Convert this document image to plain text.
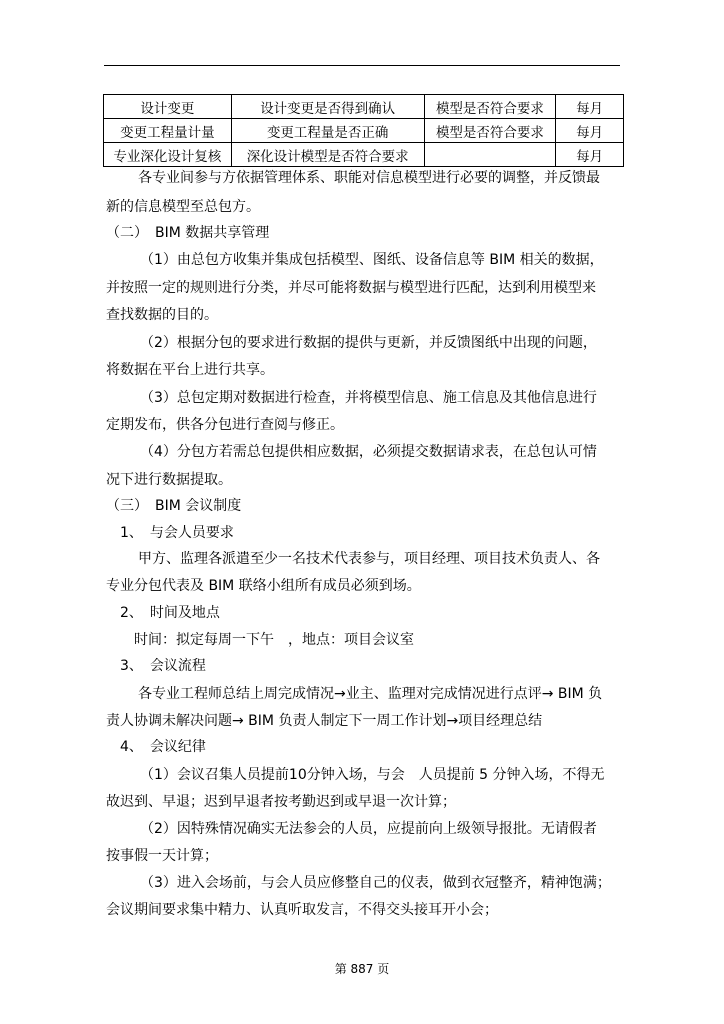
设计变更	设计变更是否得到确认	模型是否符合要求	每月
变更工程量计量	变更工程量是否正确	模型是否符合要求	每月
专业深化设计复核	深化设计模型是否符合要求		每月
各专业间参与方依据管理体系、职能对信息模型进行必要的调整，并反馈最
新的信息模型至总包方。
（二）　BIM 数据共享管理
（1）由总包方收集并集成包括模型、图纸、设备信息等 BIM 相关的数据，
并按照一定的规则进行分类，并尽可能将数据与模型进行匹配，达到利用模型来
查找数据的目的。
（2）根据分包的要求进行数据的提供与更新，并反馈图纸中出现的问题，
将数据在平台上进行共享。
（3）总包定期对数据进行检查，并将模型信息、施工信息及其他信息进行
定期发布，供各分包进行查阅与修正。
（4）分包方若需总包提供相应数据，必须提交数据请求表，在总包认可情
况下进行数据提取。
（三）　BIM 会议制度
1、　与会人员要求
甲方、监理各派遣至少一名技术代表参与，项目经理、项目技术负责人、各
专业分包代表及 BIM 联络小组所有成员必须到场。
2、　时间及地点
时间：拟定每周一下午　，地点：项目会议室
3、　会议流程
各专业工程师总结上周完成情况→业主、监理对完成情况进行点评→ BIM 负
责人协调未解决问题→ BIM 负责人制定下一周工作计划→项目经理总结
4、　会议纪律
（1）会议召集人员提前10分钟入场，与会　人员提前 5 分钟入场，不得无
故迟到、早退；迟到早退者按考勤迟到或早退一次计算；
（2）因特殊情况确实无法参会的人员，应提前向上级领导报批。无请假者
按事假一天计算；
（3）进入会场前，与会人员应修整自己的仪表，做到衣冠整齐，精神饱满；
会议期间要求集中精力、认真听取发言，不得交头接耳开小会；
第 887 页
